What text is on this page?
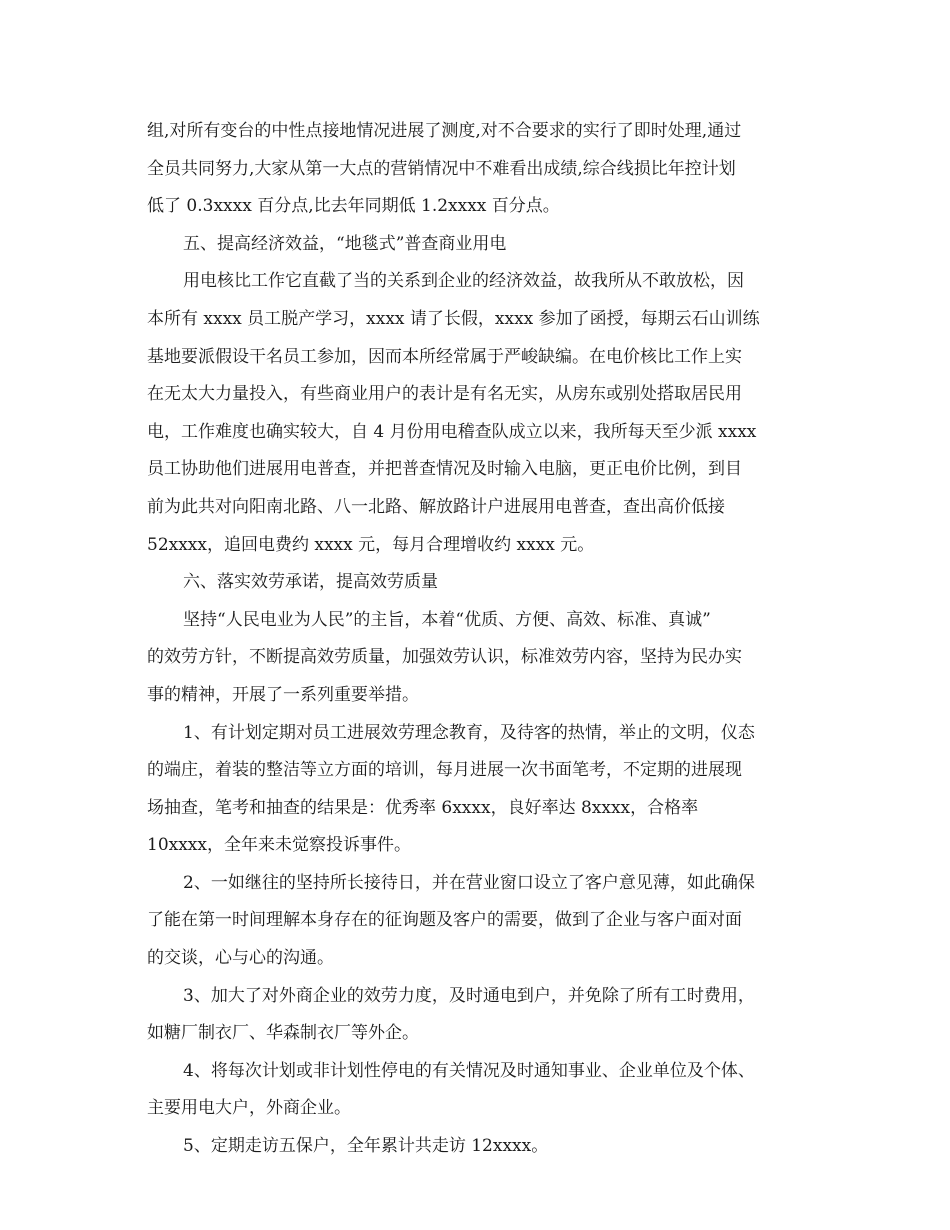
组,对所有变台的中性点接地情况进展了测度,对不合要求的实行了即时处理,通过
全员共同努力,大家从第一大点的营销情况中不难看出成绩,综合线损比年控计划
低了 0.3xxxx 百分点,比去年同期低 1.2xxxx 百分点。
五、提高经济效益，“地毯式”普查商业用电
用电核比工作它直截了当的关系到企业的经济效益，故我所从不敢放松，因
本所有 xxxx 员工脱产学习，xxxx 请了长假，xxxx 参加了函授，每期云石山训练
基地要派假设干名员工参加，因而本所经常属于严峻缺编。在电价核比工作上实
在无太大力量投入，有些商业用户的表计是有名无实，从房东或别处搭取居民用
电，工作难度也确实较大，自 4 月份用电稽查队成立以来，我所每天至少派 xxxx
员工协助他们进展用电普查，并把普查情况及时输入电脑，更正电价比例，到目
前为此共对向阳南北路、八一北路、解放路计户进展用电普查，查出高价低接
52xxxx，追回电费约 xxxx 元，每月合理增收约 xxxx 元。
六、落实效劳承诺，提高效劳质量
坚持“人民电业为人民”的主旨，本着“优质、方便、高效、标准、真诚”
的效劳方针，不断提高效劳质量，加强效劳认识，标准效劳内容，坚持为民办实
事的精神，开展了一系列重要举措。
1、有计划定期对员工进展效劳理念教育，及待客的热情，举止的文明，仪态
的端庄，着装的整洁等立方面的培训，每月进展一次书面笔考，不定期的进展现
场抽查，笔考和抽查的结果是：优秀率 6xxxx，良好率达 8xxxx，合格率
10xxxx，全年来未觉察投诉事件。
2、一如继往的坚持所长接待日，并在营业窗口设立了客户意见薄，如此确保
了能在第一时间理解本身存在的征询题及客户的需要，做到了企业与客户面对面
的交谈，心与心的沟通。
3、加大了对外商企业的效劳力度，及时通电到户，并免除了所有工时费用，
如糖厂制衣厂、华森制衣厂等外企。
4、将每次计划或非计划性停电的有关情况及时通知事业、企业单位及个体、
主要用电大户，外商企业。
5、定期走访五保户，全年累计共走访 12xxxx。
